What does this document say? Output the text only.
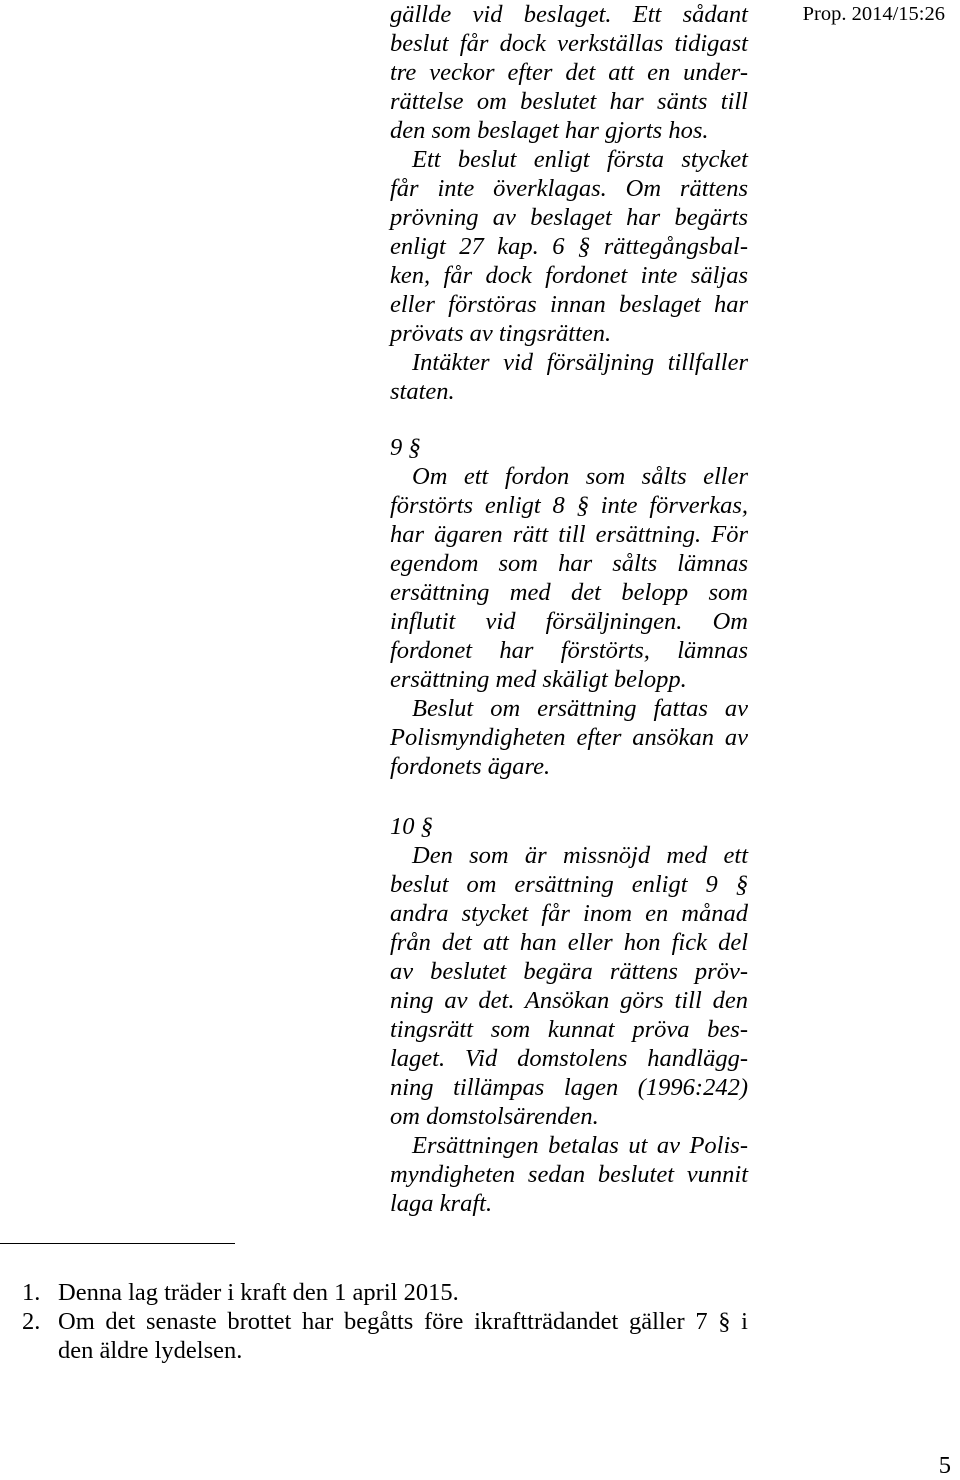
Prop. 2014/15:26
gällde vid beslaget. Ett sådant
beslut får dock verkställas tidigast
tre veckor efter det att en under-
rättelse om beslutet har sänts till
den som beslaget har gjorts hos.
Ett beslut enligt första stycket
får inte överklagas. Om rättens
prövning av beslaget har begärts
enligt 27 kap. 6 § rättegångsbal-
ken, får dock fordonet inte säljas
eller förstöras innan beslaget har
prövats av tingsrätten.
Intäkter vid försäljning tillfaller
staten.
9 §
Om ett fordon som sålts eller
förstörts enligt 8 § inte förverkas,
har ägaren rätt till ersättning. För
egendom som har sålts lämnas
ersättning med det belopp som
influtit vid försäljningen. Om
fordonet har förstörts, lämnas
ersättning med skäligt belopp.
Beslut om ersättning fattas av
Polismyndigheten efter ansökan av
fordonets ägare.
10 §
Den som är missnöjd med ett
beslut om ersättning enligt 9 §
andra stycket får inom en månad
från det att han eller hon fick del
av beslutet begära rättens pröv-
ning av det. Ansökan görs till den
tingsrätt som kunnat pröva bes-
laget. Vid domstolens handlägg-
ning tillämpas lagen (1996:242)
om domstolsärenden.
Ersättningen betalas ut av Polis-
myndigheten sedan beslutet vunnit
laga kraft.
1. Denna lag träder i kraft den 1 april 2015.
2. Om det senaste brottet har begåtts före ikraftträdandet gäller 7 § i
den äldre lydelsen.
5
